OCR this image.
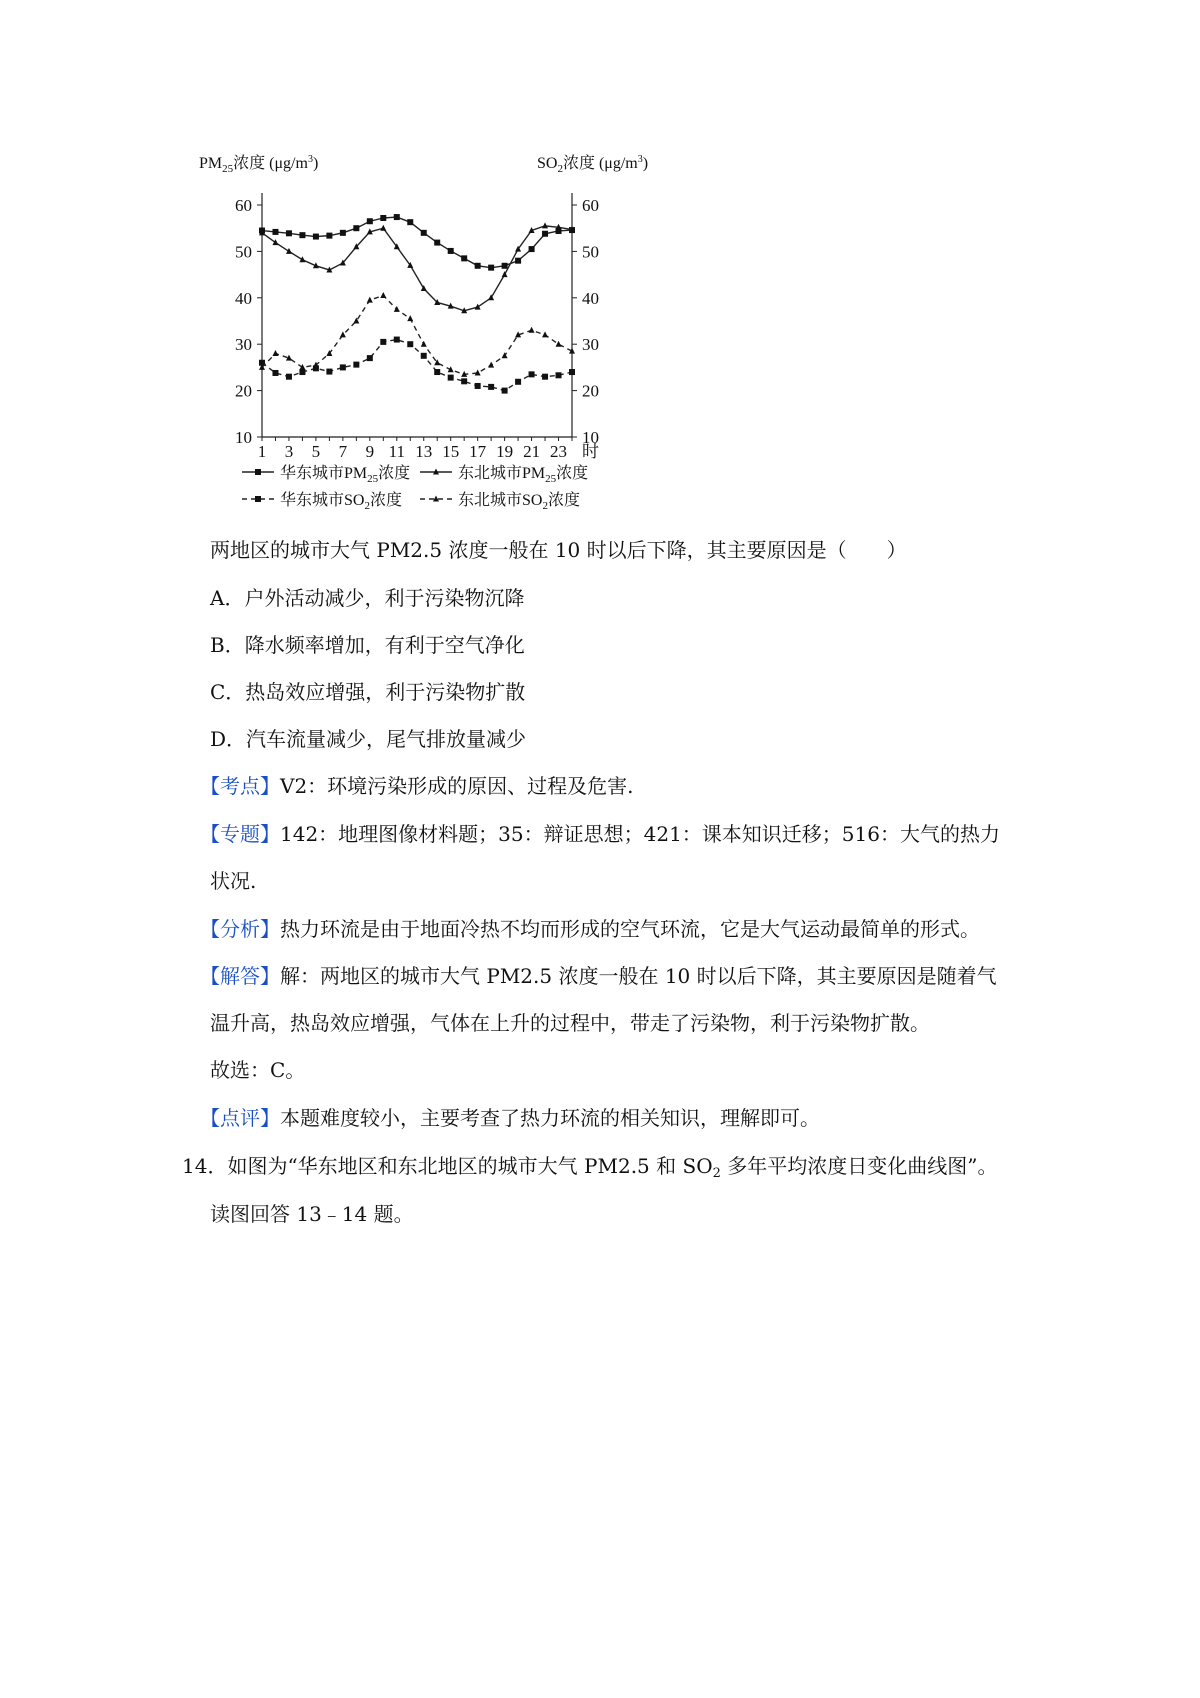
10	10
20	20
30	30
40	40
50	50
60	60
1 3 5 7 9 11 13 15 17 19 21 23 时
$PM_{25}$浓度 $(\mu g/m^3)$	$SO_2$浓度 $(\mu g/m^3)$
华东城市$PM_{25}$浓度	东北城市$PM_{25}$浓度
华东城市$SO_2$浓度	东北城市$SO_2$浓度

两地区的城市大气 PM2.5 浓度一般在 10 时以后下降，其主要原因是（　　）

A．户外活动减少，利于污染物沉降

B．降水频率增加，有利于空气净化

C．热岛效应增强，利于污染物扩散

D．汽车流量减少，尾气排放量减少

【考点】V2：环境污染形成的原因、过程及危害.

【专题】142：地理图像材料题；35：辩证思想；421：课本知识迁移；516：大气的热力

状况.

【分析】热力环流是由于地面冷热不均而形成的空气环流，它是大气运动最简单的形式。

【解答】解：两地区的城市大气 PM2.5 浓度一般在 10 时以后下降，其主要原因是随着气

温升高，热岛效应增强，气体在上升的过程中，带走了污染物，利于污染物扩散。

故选：C。

【点评】本题难度较小，主要考查了热力环流的相关知识，理解即可。

14．如图为“华东地区和东北地区的城市大气 PM2.5 和 $SO_2$ 多年平均浓度日变化曲线图”。

读图回答 13﹣14 题。
